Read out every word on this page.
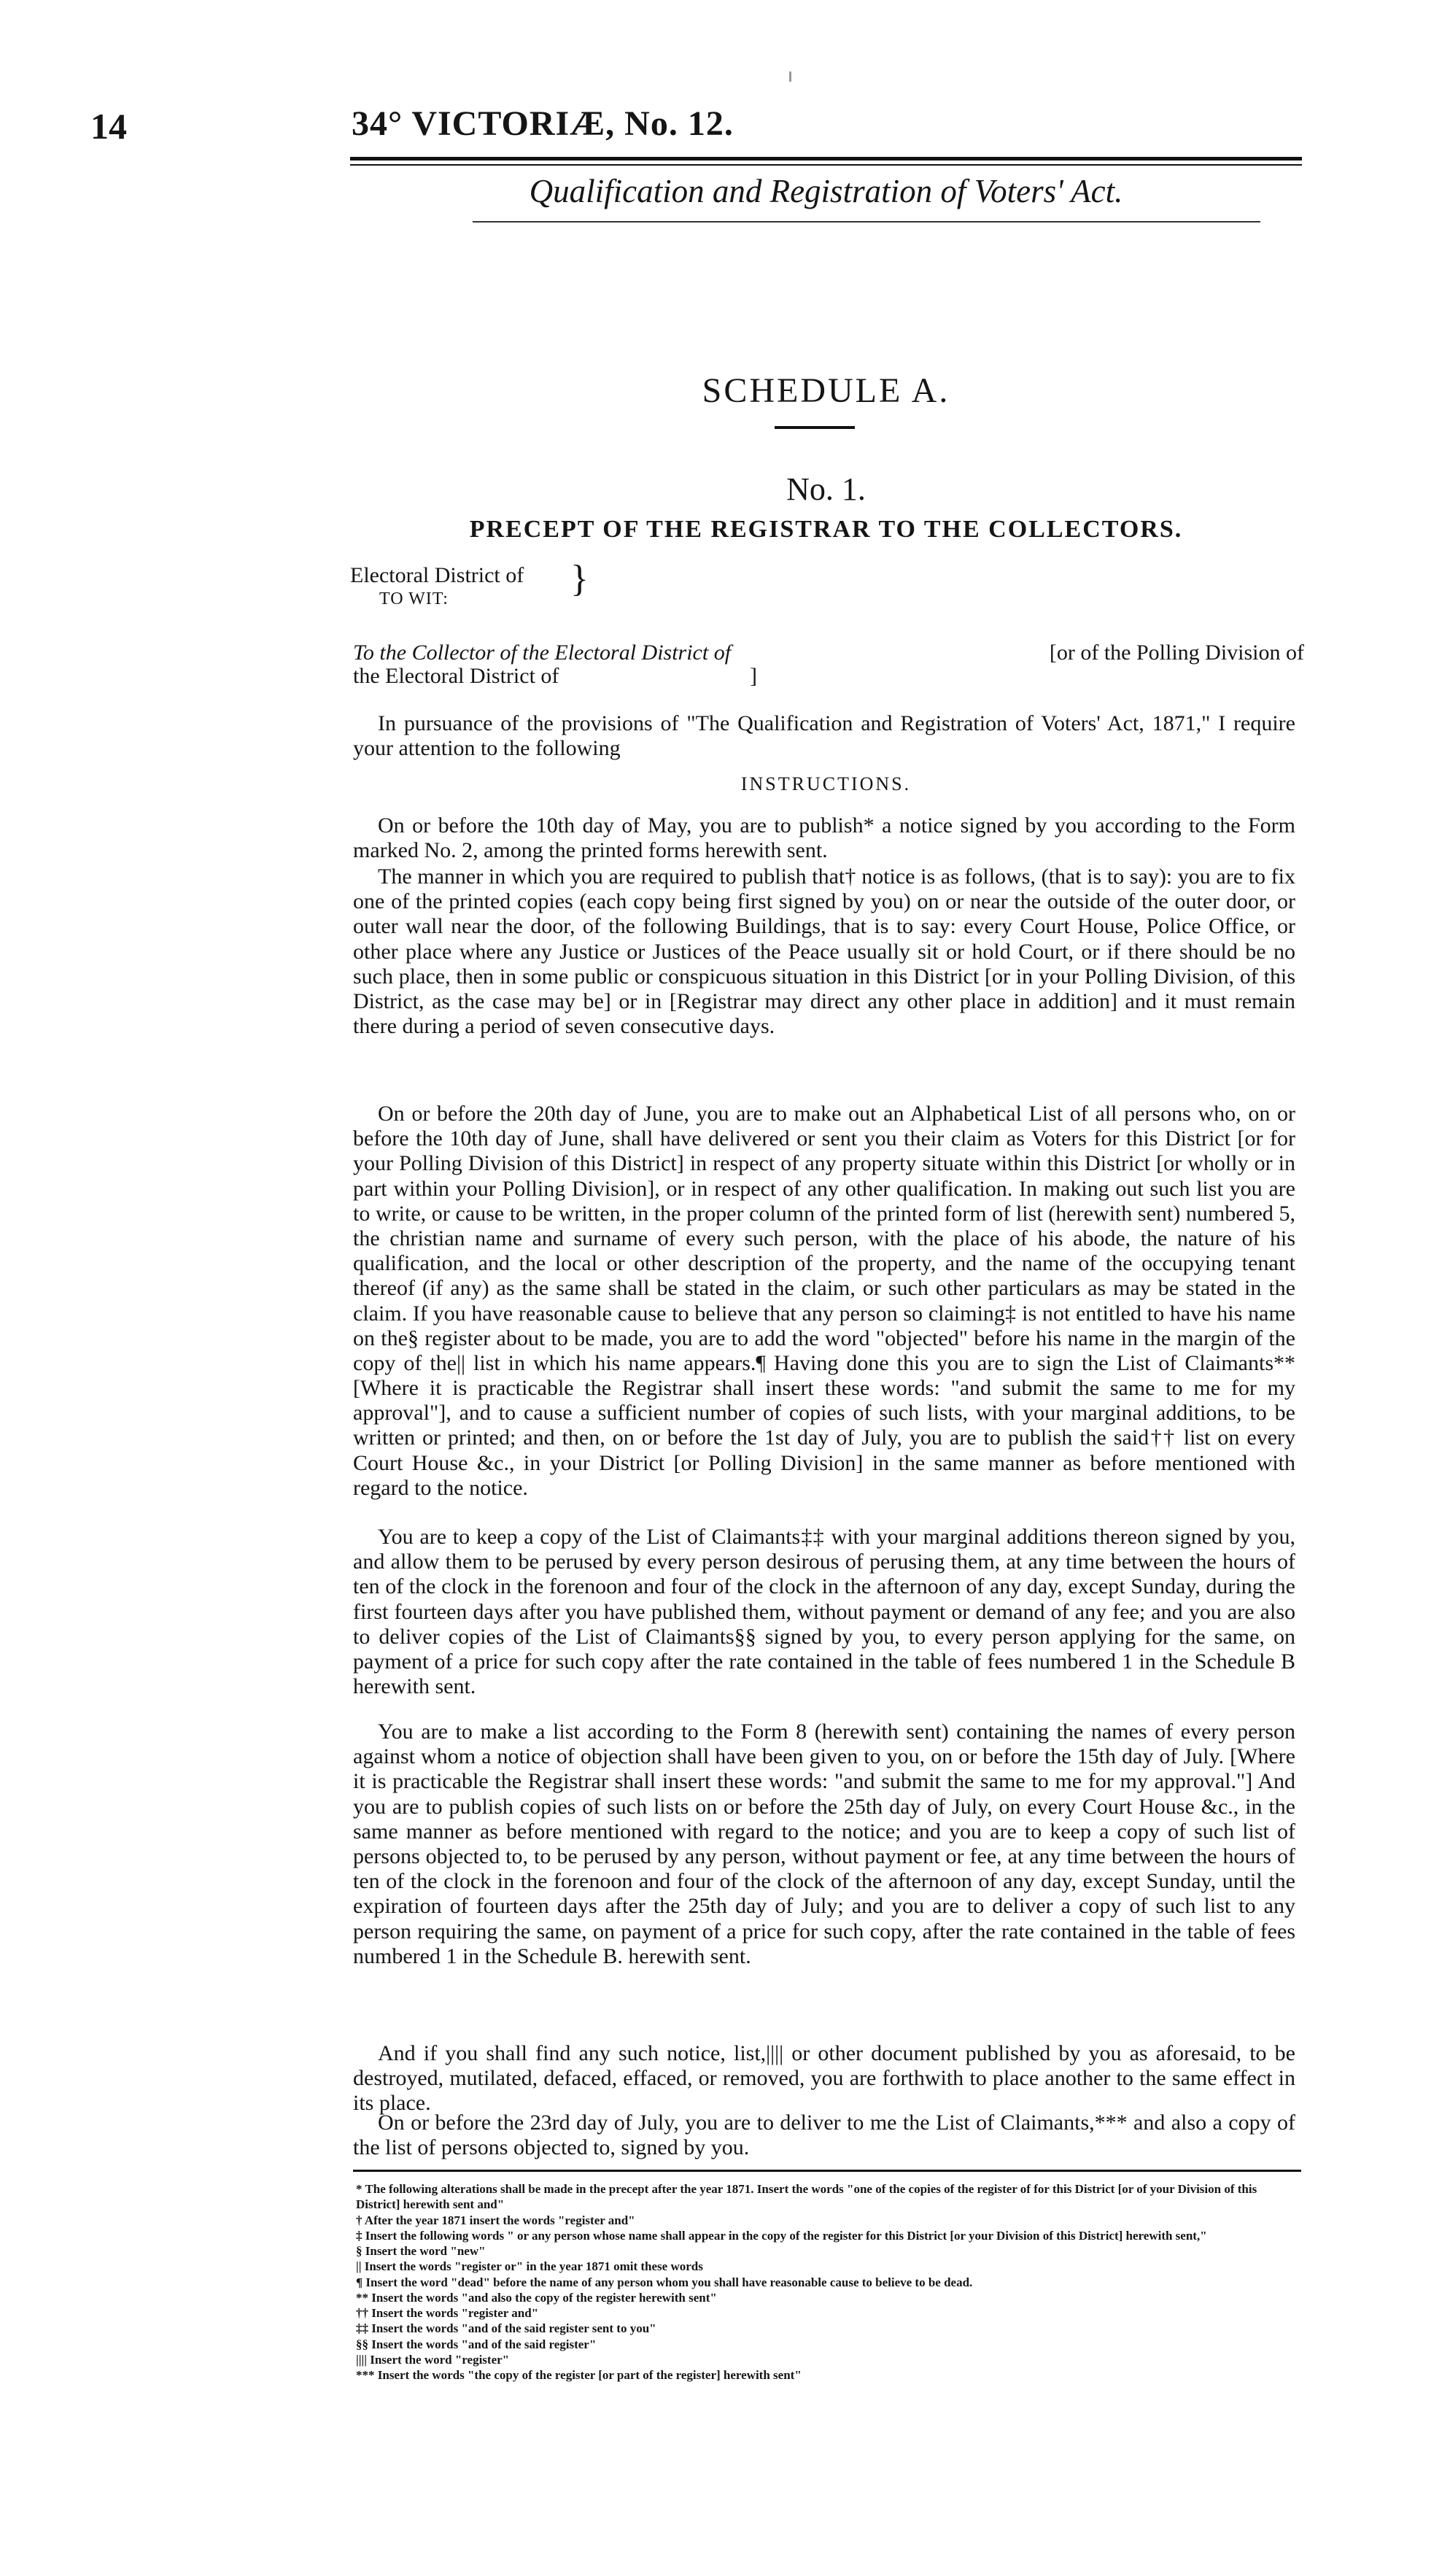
14	34° VICTORIÆ, No. 12.
Qualification and Registration of Voters' Act.
SCHEDULE A.
No. 1.
PRECEPT OF THE REGISTRAR TO THE COLLECTORS.
Electoral District of
TO WIT:	}
To the Collector of the Electoral District of
the Electoral District of	]
[or of the Polling Division of
In pursuance of the provisions of "The Qualification and Registration of Voters' Act, 1871," I require your attention to the following
INSTRUCTIONS.
On or before the 10th day of May, you are to publish* a notice signed by you according to the Form marked No. 2, among the printed forms herewith sent.
The manner in which you are required to publish that† notice is as follows, (that is to say): you are to fix one of the printed copies (each copy being first signed by you) on or near the outside of the outer door, or outer wall near the door, of the following Buildings, that is to say: every Court House, Police Office, or other place where any Justice or Justices of the Peace usually sit or hold Court, or if there should be no such place, then in some public or conspicuous situation in this District [or in your Polling Division, of this District, as the case may be] or in [Registrar may direct any other place in addition] and it must remain there during a period of seven consecutive days.
On or before the 20th day of June, you are to make out an Alphabetical List of all persons who, on or before the 10th day of June, shall have delivered or sent you their claim as Voters for this District [or for your Polling Division of this District] in respect of any property situate within this District [or wholly or in part within your Polling Division], or in respect of any other qualification. In making out such list you are to write, or cause to be written, in the proper column of the printed form of list (herewith sent) numbered 5, the christian name and surname of every such person, with the place of his abode, the nature of his qualification, and the local or other description of the property, and the name of the occupying tenant thereof (if any) as the same shall be stated in the claim, or such other particulars as may be stated in the claim. If you have reasonable cause to believe that any person so claiming‡ is not entitled to have his name on the§ register about to be made, you are to add the word "objected" before his name in the margin of the copy of the|| list in which his name appears.¶ Having done this you are to sign the List of Claimants** [Where it is practicable the Registrar shall insert these words: "and submit the same to me for my approval"], and to cause a sufficient number of copies of such lists, with your marginal additions, to be written or printed; and then, on or before the 1st day of July, you are to publish the said†† list on every Court House &c., in your District [or Polling Division] in the same manner as before mentioned with regard to the notice.
You are to keep a copy of the List of Claimants‡‡ with your marginal additions thereon signed by you, and allow them to be perused by every person desirous of perusing them, at any time between the hours of ten of the clock in the forenoon and four of the clock in the afternoon of any day, except Sunday, during the first fourteen days after you have published them, without payment or demand of any fee; and you are also to deliver copies of the List of Claimants§§ signed by you, to every person applying for the same, on payment of a price for such copy after the rate contained in the table of fees numbered 1 in the Schedule B herewith sent.
You are to make a list according to the Form 8 (herewith sent) containing the names of every person against whom a notice of objection shall have been given to you, on or before the 15th day of July. [Where it is practicable the Registrar shall insert these words: "and submit the same to me for my approval."] And you are to publish copies of such lists on or before the 25th day of July, on every Court House &c., in the same manner as before mentioned with regard to the notice; and you are to keep a copy of such list of persons objected to, to be perused by any person, without payment or fee, at any time between the hours of ten of the clock in the forenoon and four of the clock of the afternoon of any day, except Sunday, until the expiration of fourteen days after the 25th day of July; and you are to deliver a copy of such list to any person requiring the same, on payment of a price for such copy, after the rate contained in the table of fees numbered 1 in the Schedule B. herewith sent.
And if you shall find any such notice, list,|||| or other document published by you as aforesaid, to be destroyed, mutilated, defaced, effaced, or removed, you are forthwith to place another to the same effect in its place.
On or before the 23rd day of July, you are to deliver to me the List of Claimants,*** and also a copy of the list of persons objected to, signed by you.
* The following alterations shall be made in the precept after the year 1871. Insert the words "one of the copies of the register of for this District [or of your Division of this District] herewith sent and"
† After the year 1871 insert the words "register and"
‡ Insert the following words " or any person whose name shall appear in the copy of the register for this District [or your Division of this District] herewith sent,"
§ Insert the word "new"
|| Insert the words "register or" in the year 1871 omit these words
¶ Insert the word "dead" before the name of any person whom you shall have reasonable cause to believe to be dead.
** Insert the words "and also the copy of the register herewith sent"
†† Insert the words "register and"
‡‡ Insert the words "and of the said register sent to you"
§§ Insert the words "and of the said register"
|||| Insert the word "register"
*** Insert the words "the copy of the register [or part of the register] herewith sent"
